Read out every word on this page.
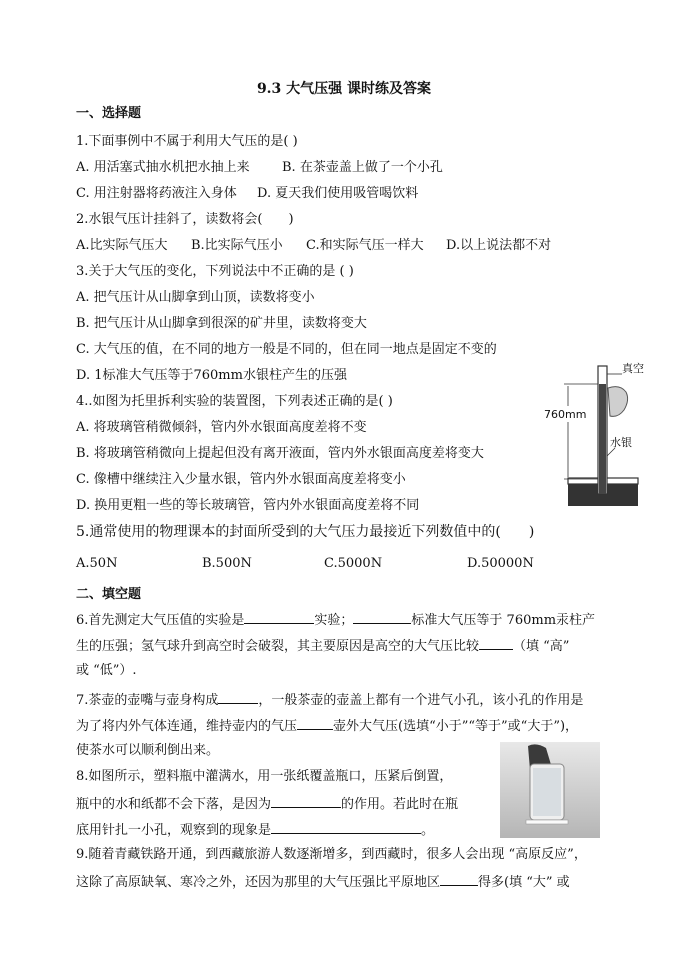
9.3 大气压强 课时练及答案
一、选择题
1.下面事例中不属于利用大气压的是( )
A. 用活塞式抽水机把水抽上来 B. 在茶壶盖上做了一个小孔
C. 用注射器将药液注入身体 D. 夏天我们使用吸管喝饮料
2.水银气压计挂斜了，读数将会(　　)
A.比实际气压大 B.比实际气压小 C.和实际气压一样大 D.以上说法都不对
3.关于大气压的变化，下列说法中不正确的是 ( )
A. 把气压计从山脚拿到山顶，读数将变小
B. 把气压计从山脚拿到很深的矿井里，读数将变大
C. 大气压的值，在不同的地方一般是不同的，但在同一地点是固定不变的
D. 1标准大气压等于760mm水银柱产生的压强
4..如图为托里拆利实验的装置图，下列表述正确的是( )
A. 将玻璃管稍微倾斜，管内外水银面高度差将不变
B. 将玻璃管稍微向上提起但没有离开液面，管内外水银面高度差将变大
C. 像槽中继续注入少量水银，管内外水银面高度差将变小
D. 换用更粗一些的等长玻璃管，管内外水银面高度差将不同
760mm
真空
水银
5.通常使用的物理课本的封面所受到的大气压力最接近下列数值中的(　　)
A.50N	B.500N	C.5000N	D.50000N
二、填空题
6.首先测定大气压值的实验是	实验；	标准大气压等于 760mm汞柱产
生的压强；氢气球升到高空时会破裂，其主要原因是高空的大气压比较	（填 “高”
或 “低”）.
7.茶壶的壶嘴与壶身构成	，一般茶壶的壶盖上都有一个进气小孔，该小孔的作用是
为了将内外气体连通，维持壶内的气压	壶外大气压(选填“小于”“等于”或“大于”)，
使茶水可以顺利倒出来。
8.如图所示，塑料瓶中灌满水，用一张纸覆盖瓶口，压紧后倒置，
瓶中的水和纸都不会下落，是因为	的作用。若此时在瓶
底用针扎一小孔，观察到的现象是	。
9.随着青藏铁路开通，到西藏旅游人数逐渐增多，到西藏时，很多人会出现 “高原反应”，
这除了高原缺氧、寒冷之外，还因为那里的大气压强比平原地区	得多(填 “大” 或
